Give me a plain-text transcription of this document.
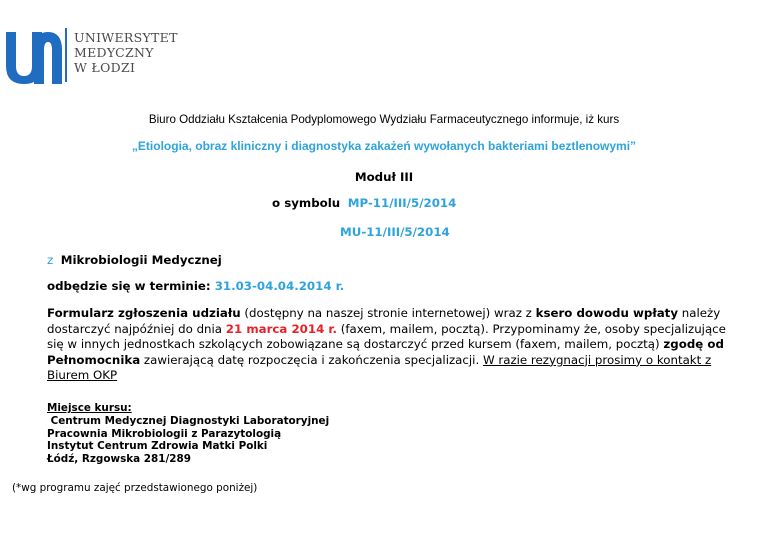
UNIWERSYTET
MEDYCZNY
W ŁODZI
Biuro Oddziału Kształcenia Podyplomowego Wydziału Farmaceutycznego informuje, iż kurs
„Etiologia, obraz kliniczny i diagnostyka zakażeń wywołanych bakteriami beztlenowymi”
Moduł III
o symbolu MP-11/III/5/2014
MU-11/III/5/2014
z Mikrobiologii Medycznej
odbędzie się w terminie: 31.03-04.04.2014 r.
Formularz zgłoszenia udziału (dostępny na naszej stronie internetowej) wraz z ksero dowodu wpłaty należy dostarczyć najpóźniej do dnia 21 marca 2014 r. (faxem, mailem, pocztą). Przypominamy że, osoby specjalizujące się w innych jednostkach szkolących zobowiązane są dostarczyć przed kursem (faxem, mailem, pocztą) zgodę od Pełnomocnika zawierającą datę rozpoczęcia i zakończenia specjalizacji. W razie rezygnacji prosimy o kontakt z Biurem OKP
Miejsce kursu:
Centrum Medycznej Diagnostyki Laboratoryjnej
Pracownia Mikrobiologii z Parazytologią
Instytut Centrum Zdrowia Matki Polki
Łódź, Rzgowska 281/289
(*wg programu zajęć przedstawionego poniżej)
